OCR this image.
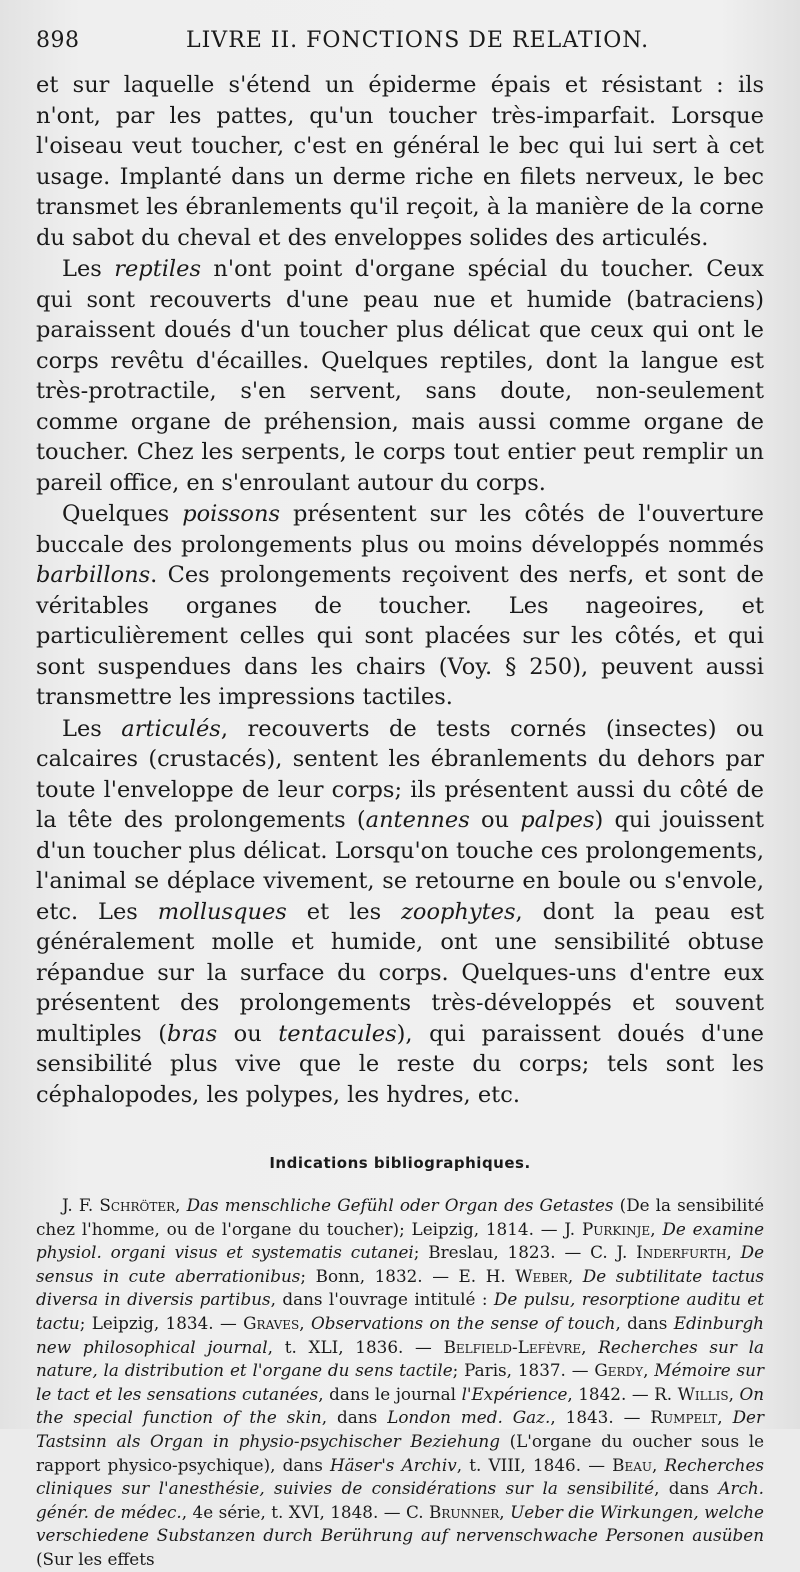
898	LIVRE II. FONCTIONS DE RELATION.

et sur laquelle s'étend un épiderme épais et résistant : ils n'ont, par les pattes, qu'un toucher très-imparfait. Lorsque l'oiseau veut toucher, c'est en général le bec qui lui sert à cet usage. Implanté dans un derme riche en filets nerveux, le bec transmet les ébranlements qu'il reçoit, à la manière de la corne du sabot du cheval et des enveloppes solides des articulés.

Les reptiles n'ont point d'organe spécial du toucher. Ceux qui sont recouverts d'une peau nue et humide (batraciens) paraissent doués d'un toucher plus délicat que ceux qui ont le corps revêtu d'écailles. Quelques reptiles, dont la langue est très-protractile, s'en servent, sans doute, non-seulement comme organe de préhension, mais aussi comme organe de toucher. Chez les serpents, le corps tout entier peut remplir un pareil office, en s'enroulant autour du corps.

Quelques poissons présentent sur les côtés de l'ouverture buccale des prolongements plus ou moins développés nommés barbillons. Ces prolongements reçoivent des nerfs, et sont de véritables organes de toucher. Les nageoires, et particulièrement celles qui sont placées sur les côtés, et qui sont suspendues dans les chairs (Voy. § 250), peuvent aussi transmettre les impressions tactiles.

Les articulés, recouverts de tests cornés (insectes) ou calcaires (crustacés), sentent les ébranlements du dehors par toute l'enveloppe de leur corps; ils présentent aussi du côté de la tête des prolongements (antennes ou palpes) qui jouissent d'un toucher plus délicat. Lorsqu'on touche ces prolongements, l'animal se déplace vivement, se retourne en boule ou s'envole, etc. Les mollusques et les zoophytes, dont la peau est généralement molle et humide, ont une sensibilité obtuse répandue sur la surface du corps. Quelques-uns d'entre eux présentent des prolongements très-développés et souvent multiples (bras ou tentacules), qui paraissent doués d'une sensibilité plus vive que le reste du corps; tels sont les céphalopodes, les polypes, les hydres, etc.

Indications bibliographiques.

J. F. Schröter, Das menschliche Gefühl oder Organ des Getastes (De la sensibilité chez l'homme, ou de l'organe du toucher); Leipzig, 1814. — J. Purkinje, De examine physiol. organi visus et systematis cutanei; Breslau, 1823. — C. J. Inderfurth, De sensus in cute aberrationibus; Bonn, 1832. — E. H. Weber, De subtilitate tactus diversa in diversis partibus, dans l'ouvrage intitulé : De pulsu, resorptione auditu et tactu; Leipzig, 1834. — Graves, Observations on the sense of touch, dans Edinburgh new philosophical journal, t. XLI, 1836. — Belfield-Lefèvre, Recherches sur la nature, la distribution et l'organe du sens tactile; Paris, 1837. — Gerdy, Mémoire sur le tact et les sensations cutanées, dans le journal l'Expérience, 1842. — R. Willis, On the special function of the skin, dans London med. Gaz., 1843. — Rumpelt, Der Tastsinn als Organ in physio-psychischer Beziehung (L'organe du oucher sous le rapport physico-psychique), dans Häser's Archiv, t. VIII, 1846. — Beau, Recherches cliniques sur l'anesthésie, suivies de considérations sur la sensibilité, dans Arch. génér. de médec., 4e série, t. XVI, 1848. — C. Brunner, Ueber die Wirkungen, welche verschiedene Substanzen durch Berührung auf nervenschwache Personen ausüben (Sur les effets
